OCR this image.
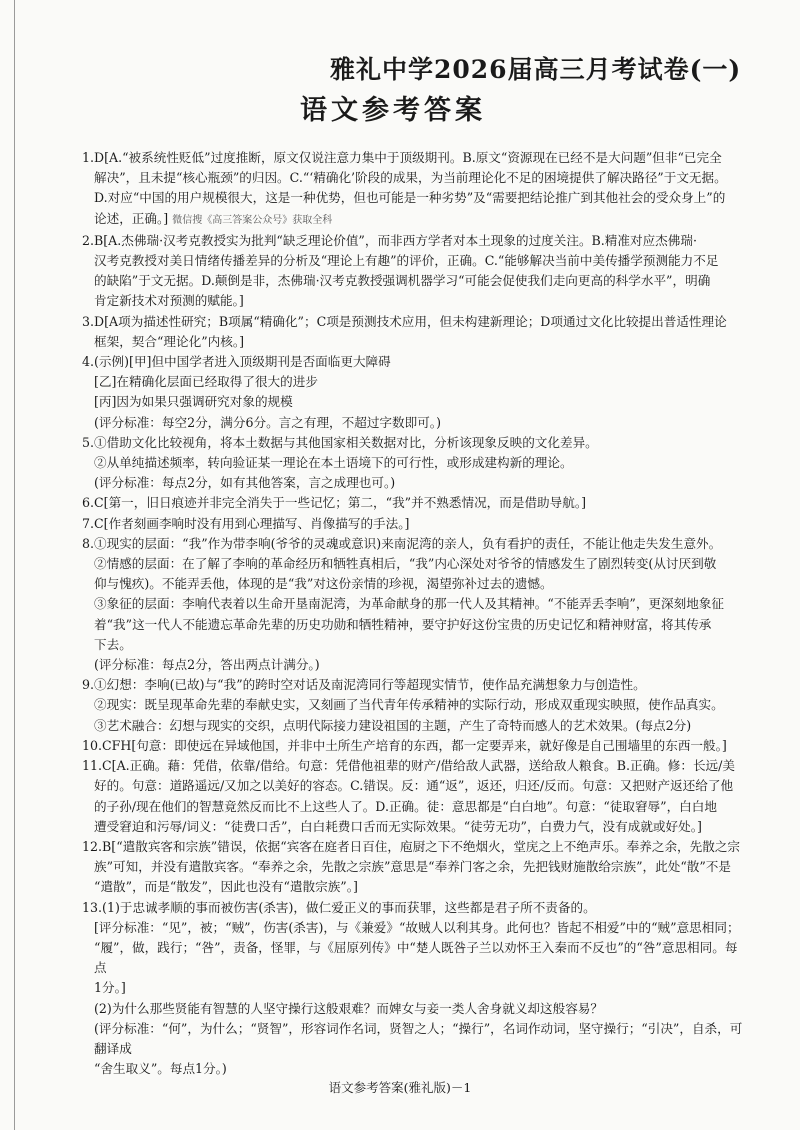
雅礼中学2026届高三月考试卷(一)
语文参考答案

1.D[A.“被系统性贬低”过度推断，原文仅说注意力集中于顶级期刊。B.原文“资源现在已经不是大问题”但非“已完全

解决”，且未提“核心瓶颈”的归因。C.“‘精确化’阶段的成果，为当前理论化不足的困境提供了解决路径”于文无据。

D.对应“中国的用户规模很大，这是一种优势，但也可能是一种劣势”及“需要把结论推广到其他社会的受众身上”的

论述，正确。] 微信搜《高三答案公众号》获取全科

2.B[A.杰佛瑞·汉考克教授实为批判“缺乏理论价值”，而非西方学者对本土现象的过度关注。B.精准对应杰佛瑞·

汉考克教授对美日情绪传播差异的分析及“理论上有趣”的评价，正确。C.“能够解决当前中美传播学预测能力不足

的缺陷”于文无据。D.颠倒是非，杰佛瑞·汉考克教授强调机器学习“可能会促使我们走向更高的科学水平”，明确

肯定新技术对预测的赋能。]

3.D[A项为描述性研究；B项属“精确化”；C项是预测技术应用，但未构建新理论；D项通过文化比较提出普适性理论

框架，契合“理论化”内核。]

4.(示例)[甲]但中国学者进入顶级期刊是否面临更大障碍

[乙]在精确化层面已经取得了很大的进步

[丙]因为如果只强调研究对象的规模

(评分标准：每空2分，满分6分。言之有理，不超过字数即可。)

5.①借助文化比较视角，将本土数据与其他国家相关数据对比，分析该现象反映的文化差异。

②从单纯描述频率，转向验证某一理论在本土语境下的可行性，或形成建构新的理论。

(评分标准：每点2分，如有其他答案，言之成理也可。)

6.C[第一，旧日痕迹并非完全消失于一些记忆；第二，“我”并不熟悉情况，而是借助导航。]

7.C[作者刻画李响时没有用到心理描写、肖像描写的手法。]

8.①现实的层面：“我”作为带李响(爷爷的灵魂或意识)来南泥湾的亲人，负有看护的责任，不能让他走失发生意外。

②情感的层面：在了解了李响的革命经历和牺牲真相后，“我”内心深处对爷爷的情感发生了剧烈转变(从讨厌到敬

仰与愧疚)。不能弄丢他，体现的是“我”对这份亲情的珍视，渴望弥补过去的遗憾。

③象征的层面：李响代表着以生命开垦南泥湾，为革命献身的那一代人及其精神。“不能弄丢李响”，更深刻地象征

着“我”这一代人不能遗忘革命先辈的历史功勋和牺牲精神，要守护好这份宝贵的历史记忆和精神财富，将其传承

下去。

(评分标准：每点2分，答出两点计满分。)

9.①幻想：李响(已故)与“我”的跨时空对话及南泥湾同行等超现实情节，使作品充满想象力与创造性。

②现实：既呈现革命先辈的奉献史实，又刻画了当代青年传承精神的实际行动，形成双重现实映照，使作品真实。

③艺术融合：幻想与现实的交织，点明代际接力建设祖国的主题，产生了奇特而感人的艺术效果。(每点2分)

10.CFH[句意：即使远在异域他国，并非中土所生产培育的东西，都一定要弄来，就好像是自己围墙里的东西一般。]

11.C[A.正确。藉：凭借，依靠/借给。句意：凭借他祖辈的财产/借给敌人武器，送给敌人粮食。B.正确。修：长远/美

好的。句意：道路遥远/又加之以美好的容态。C.错误。反：通“返”，返还，归还/反而。句意：又把财产返还给了他

的子孙/现在他们的智慧竟然反而比不上这些人了。D.正确。徒：意思都是“白白地”。句意：“徒取窘辱”，白白地

遭受窘迫和污辱/词义：“徒费口舌”，白白耗费口舌而无实际效果。“徒劳无功”，白费力气，没有成就或好处。]

12.B[“遣散宾客和宗族”错误，依据“宾客在庭者日百住，庖厨之下不绝烟火，堂庑之上不绝声乐。奉养之余，先散之宗

族”可知，并没有遣散宾客。“奉养之余，先散之宗族”意思是“奉养门客之余，先把钱财施散给宗族”，此处“散”不是

“遣散”，而是“散发”，因此也没有“遣散宗族”。]

13.(1)于忠诚孝顺的事而被伤害(杀害)，做仁爱正义的事而获罪，这些都是君子所不责备的。

[评分标准：“见”，被；“贼”，伤害(杀害)，与《兼爱》“故贼人以利其身。此何也？皆起不相爱”中的“贼”意思相同；

“履”，做，践行；“咎”，责备，怪罪，与《屈原列传》中“楚人既咎子兰以劝怀王入秦而不反也”的“咎”意思相同。每点

1分。]

(2)为什么那些贤能有智慧的人坚守操行这般艰难？而婢女与妾一类人舍身就义却这般容易？

(评分标准：“何”，为什么；“贤智”，形容词作名词，贤智之人；“操行”，名词作动词，坚守操行；“引决”，自杀，可翻译成

“舍生取义”。每点1分。)

语文参考答案(雅礼版)－1
